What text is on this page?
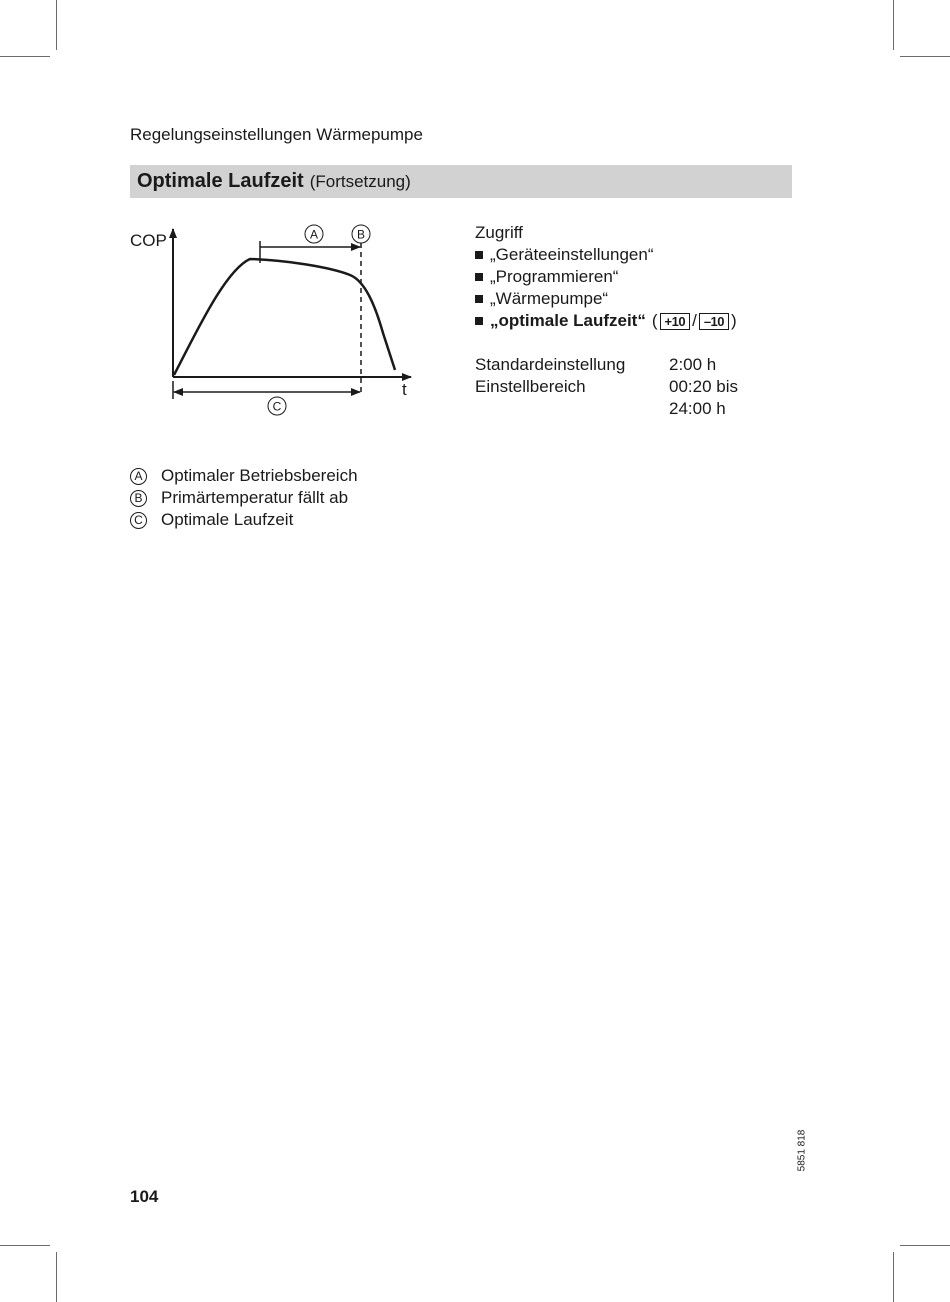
Regelungseinstellungen Wärmepumpe
Optimale Laufzeit (Fortsetzung)
COP
t
A	B
C
A Optimaler Betriebsbereich
B Primärtemperatur fällt ab
C Optimale Laufzeit
Zugriff
„Geräteeinstellungen“
„Programmieren“
„Wärmepumpe“
„optimale Laufzeit“ ( +10 / –10 )
Standardeinstellung	2:00 h
Einstellbereich	00:20 bis
24:00 h
5851 818
104
